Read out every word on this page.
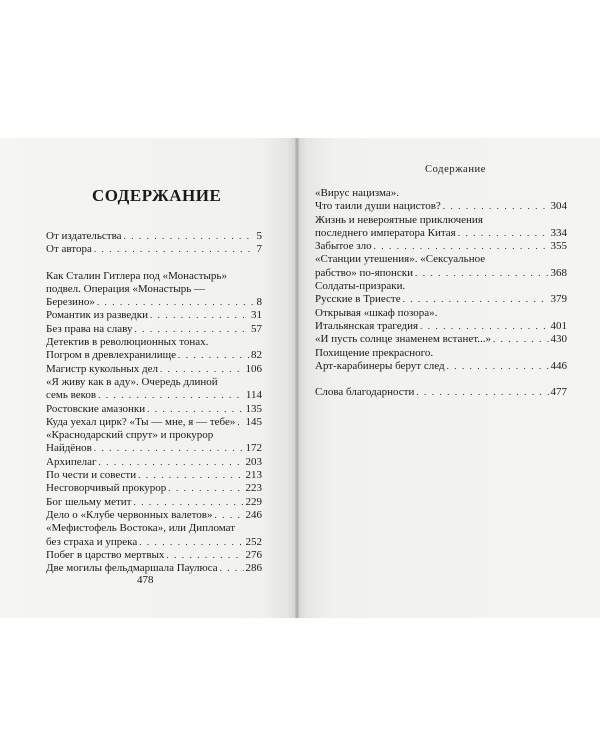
СОДЕРЖАНИЕ
От издательства . . .	5
От автора . . .	7
Как Сталин Гитлера под «Монастырь»
подвел. Операция «Монастырь —
Березино» . . .	8
Романтик из разведки . . .	31
Без права на славу . . .	57
Детектив в революционных тонах.
Погром в древлехранилище . . .	82
Магистр кукольных дел . . .	106
«Я живу как в аду». Очередь длиной
семь веков . . .	114
Ростовские амазонки . . .	135
Куда уехал цирк? «Ты — мне, я — тебе» . . . 145
«Краснодарский спрут» и прокурор
Найдёнов . . .	172
Архипелаг . . .	203
По чести и совести . . .	213
Несговорчивый прокурор . . .	223
Бог шельму метит . . .	229
Дело о «Клубе червонных валетов» . . .	246
«Мефистофель Востока», или Дипломат
без страха и упрека . . .	252
Побег в царство мертвых . . .	276
Две могилы фельдмаршала Паулюса . . .	286
478
Содержание
«Вирус нацизма».
Что таили души нацистов? . . .	304
Жизнь и невероятные приключения
последнего императора Китая . . .	334
Забытое зло . . .	355
«Станции утешения». «Сексуальное
рабство» по-японски . . .	368
Солдаты-призраки.
Русские в Триесте . . .	379
Открывая «шкаф позора».
Итальянская трагедия . . .	401
«И пусть солнце знаменем встанет...» . . .	430
Похищение прекрасного.
Арт-карабинеры берут след . . .	446
Слова благодарности . . .	477
